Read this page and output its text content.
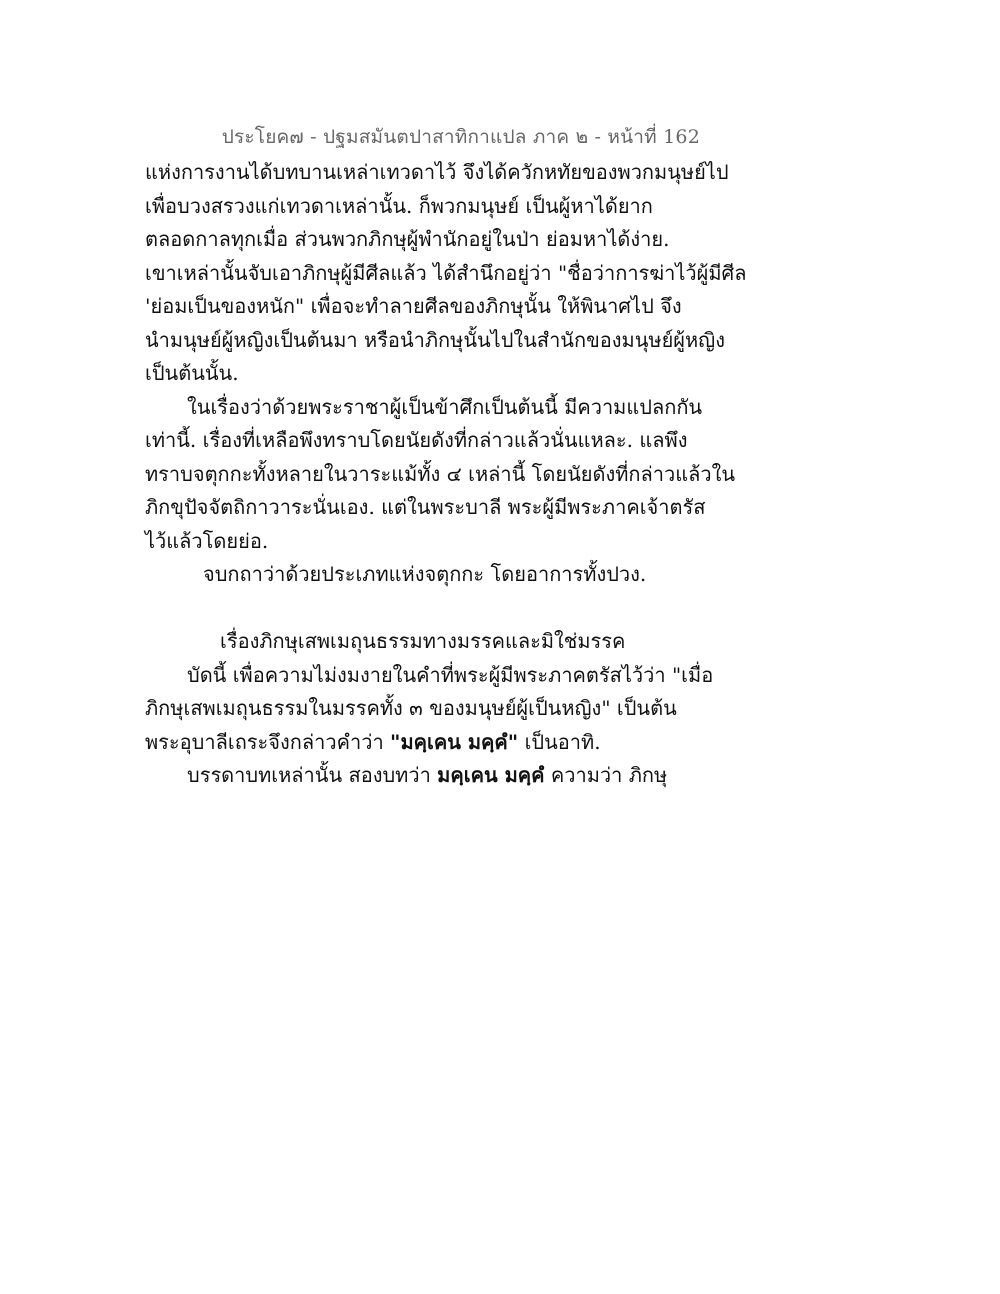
ประโยค๗ - ปฐมสมันตปาสาทิกาแปล ภาค ๒ - หน้าที่ 162
แห่งการงานได้บทบานเหล่าเทวดาไว้ จึงได้ควักหทัยของพวกมนุษย์ไป
เพื่อบวงสรวงแก่เทวดาเหล่านั้น. ก็พวกมนุษย์ เป็นผู้หาได้ยาก
ตลอดกาลทุกเมื่อ ส่วนพวกภิกษุผู้พำนักอยู่ในป่า ย่อมหาได้ง่าย.
เขาเหล่านั้นจับเอาภิกษุผู้มีศีลแล้ว ได้สำนึกอยู่ว่า "ชื่อว่าการฆ่าไว้ผู้มีศีล
'ย่อมเป็นของหนัก" เพื่อจะทำลายศีลของภิกษุนั้น ให้พินาศไป จึง
นำมนุษย์ผู้หญิงเป็นต้นมา หรือนำภิกษุนั้นไปในสำนักของมนุษย์ผู้หญิง
เป็นต้นนั้น.
ในเรื่องว่าด้วยพระราชาผู้เป็นข้าศึกเป็นต้นนี้ มีความแปลกกัน
เท่านี้. เรื่องที่เหลือพึงทราบโดยนัยดังที่กล่าวแล้วนั่นแหละ. แลพึง
ทราบจตุกกะทั้งหลายในวาระแม้ทั้ง ๔ เหล่านี้ โดยนัยดังที่กล่าวแล้วใน
ภิกขุปัจจัตถิกาวาระนั่นเอง. แต่ในพระบาลี พระผู้มีพระภาคเจ้าตรัส
ไว้แล้วโดยย่อ.
จบกถาว่าด้วยประเภทแห่งจตุกกะ โดยอาการทั้งปวง.
เรื่องภิกษุเสพเมถุนธรรมทางมรรคและมิใช่มรรค
บัดนี้ เพื่อความไม่งมงายในคำที่พระผู้มีพระภาคตรัสไว้ว่า "เมื่อ
ภิกษุเสพเมถุนธรรมในมรรคทั้ง ๓ ของมนุษย์ผู้เป็นหญิง" เป็นต้น
พระอุบาลีเถระจึงกล่าวคำว่า "มคฺเคน มคฺคํ" เป็นอาทิ.
บรรดาบทเหล่านั้น สองบทว่า มคฺเคน มคฺคํ ความว่า ภิกษุ
